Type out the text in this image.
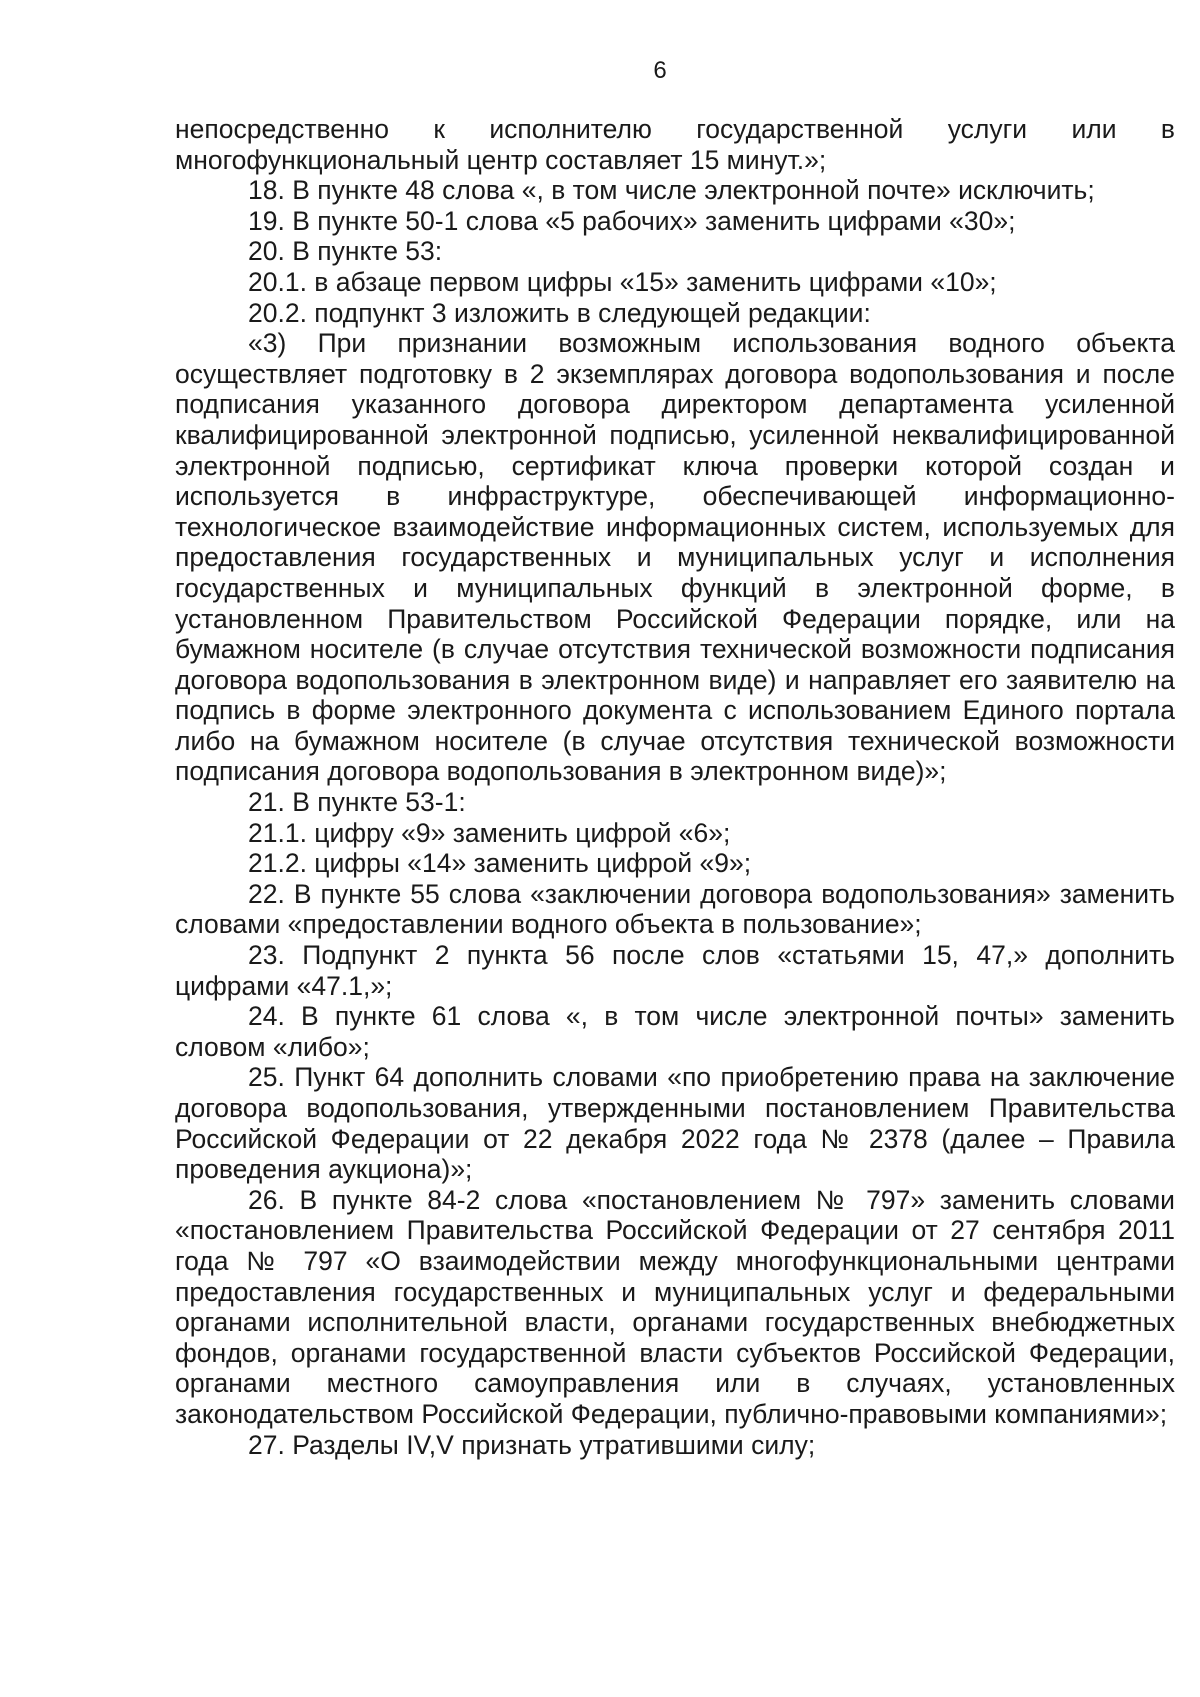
6

непосредственно к исполнителю государственной услуги или в многофункциональный центр составляет 15 минут.»;

18. В пункте 48 слова «, в том числе электронной почте» исключить;

19. В пункте 50-1 слова «5 рабочих» заменить цифрами «30»;

20. В пункте 53:

20.1. в абзаце первом цифры «15» заменить цифрами «10»;

20.2. подпункт 3 изложить в следующей редакции:

«3) При признании возможным использования водного объекта осуществляет подготовку в 2 экземплярах договора водопользования и после подписания указанного договора директором департамента усиленной квалифицированной электронной подписью, усиленной неквалифицированной электронной подписью, сертификат ключа проверки которой создан и используется в инфраструктуре, обеспечивающей информационно-технологическое взаимодействие информационных систем, используемых для предоставления государственных и муниципальных услуг и исполнения государственных и муниципальных функций в электронной форме, в установленном Правительством Российской Федерации порядке, или на бумажном носителе (в случае отсутствия технической возможности подписания договора водопользования в электронном виде) и направляет его заявителю на подпись в форме электронного документа с использованием Единого портала либо на бумажном носителе (в случае отсутствия технической возможности подписания договора водопользования в электронном виде)»;

21. В пункте 53-1:

21.1. цифру «9» заменить цифрой «6»;

21.2. цифры «14» заменить цифрой «9»;

22. В пункте 55 слова «заключении договора водопользования» заменить словами «предоставлении водного объекта в пользование»;

23. Подпункт 2 пункта 56 после слов «статьями 15, 47,» дополнить цифрами «47.1,»;

24. В пункте 61 слова «, в том числе электронной почты» заменить словом «либо»;

25. Пункт 64 дополнить словами «по приобретению права на заключение договора водопользования, утвержденными постановлением Правительства Российской Федерации от 22 декабря 2022 года № 2378 (далее – Правила проведения аукциона)»;

26. В пункте 84-2 слова «постановлением № 797» заменить словами «постановлением Правительства Российской Федерации от 27 сентября 2011 года № 797 «О взаимодействии между многофункциональными центрами предоставления государственных и муниципальных услуг и федеральными органами исполнительной власти, органами государственных внебюджетных фондов, органами государственной власти субъектов Российской Федерации, органами местного самоуправления или в случаях, установленных законодательством Российской Федерации, публично-правовыми компаниями»;

27. Разделы IV,V признать утратившими силу;
